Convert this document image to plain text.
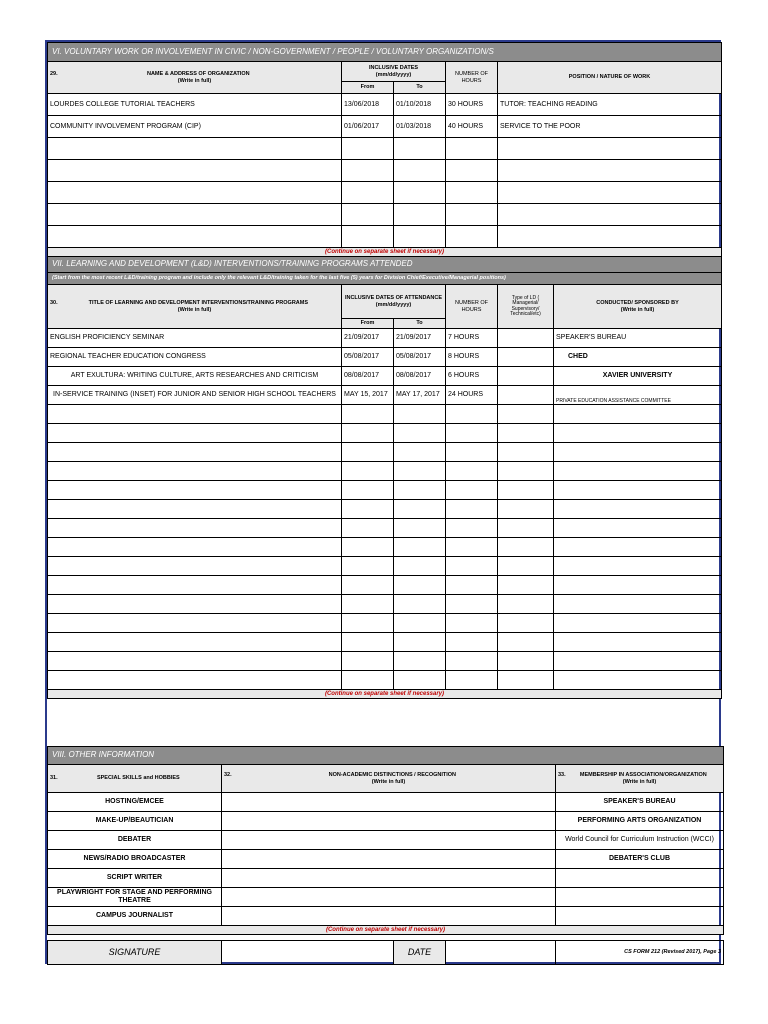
VI. VOLUNTARY WORK OR INVOLVEMENT IN CIVIC / NON-GOVERNMENT / PEOPLE / VOLUNTARY ORGANIZATION/S				

29. NAME & ADDRESS OF ORGANIZATION
(Write in full)	INCLUSIVE DATES
(mm/dd/yyyy)		NUMBER OF HOURS	POSITION / NATURE OF WORK
	From	To		
LOURDES COLLEGE TUTORIAL TEACHERS	13/06/2018	01/10/2018	30 HOURS	TUTOR: TEACHING READING
COMMUNITY INVOLVEMENT PROGRAM (CIP)	01/06/2017	01/03/2018	40 HOURS	SERVICE TO THE POOR

(Continue on separate sheet if necessary)				
VII. LEARNING AND DEVELOPMENT (L&D) INTERVENTIONS/TRAINING PROGRAMS ATTENDED					
(Start from the most recent L&D/training program and include only the relevant L&D/training taken for the last five (5) years for Division Chief/Executive/Managerial positions)					

30. TITLE OF LEARNING AND DEVELOPMENT INTERVENTIONS/TRAINING PROGRAMS
(Write in full)	INCLUSIVE DATES OF ATTENDANCE
(mm/dd/yyyy)		NUMBER OF HOURS	Type of LD ( Managerial/ Supervisory/ Technical/etc)	CONDUCTED/ SPONSORED BY
(Write in full)
	From	To			
ENGLISH PROFICIENCY SEMINAR	21/09/2017	21/09/2017	7 HOURS		SPEAKER'S BUREAU
REGIONAL TEACHER EDUCATION CONGRESS	05/08/2017	05/08/2017	8 HOURS		CHED
ART EXULTURA: WRITING CULTURE, ARTS RESEARCHES AND CRITICISM	08/08/2017	08/08/2017	6 HOURS		XAVIER UNIVERSITY
IN-SERVICE TRAINING (INSET) FOR JUNIOR AND SENIOR HIGH SCHOOL TEACHERS	MAY 15, 2017	MAY 17, 2017	24 HOURS		PRIVATE EDUCATION ASSISTANCE COMMITTEE

(Continue on separate sheet if necessary)					
VIII. OTHER INFORMATION		

31. SPECIAL SKILLS and HOBBIES	32. NON-ACADEMIC DISTINCTIONS / RECOGNITION
(Write in full)	33. MEMBERSHIP IN ASSOCIATION/ORGANIZATION
(Write in full)
HOSTING/EMCEE		SPEAKER'S BUREAU
MAKE-UP/BEAUTICIAN		PERFORMING ARTS ORGANIZATION
DEBATER		World Council for Curriculum Instruction (WCCI)
NEWS/RADIO BROADCASTER		DEBATER'S CLUB
SCRIPT WRITER		
PLAYWRIGHT FOR STAGE AND PERFORMING THEATRE		
CAMPUS JOURNALIST		
(Continue on separate sheet if necessary)		
SIGNATURE		DATE		CS FORM 212 (Revised 2017), Page 3
